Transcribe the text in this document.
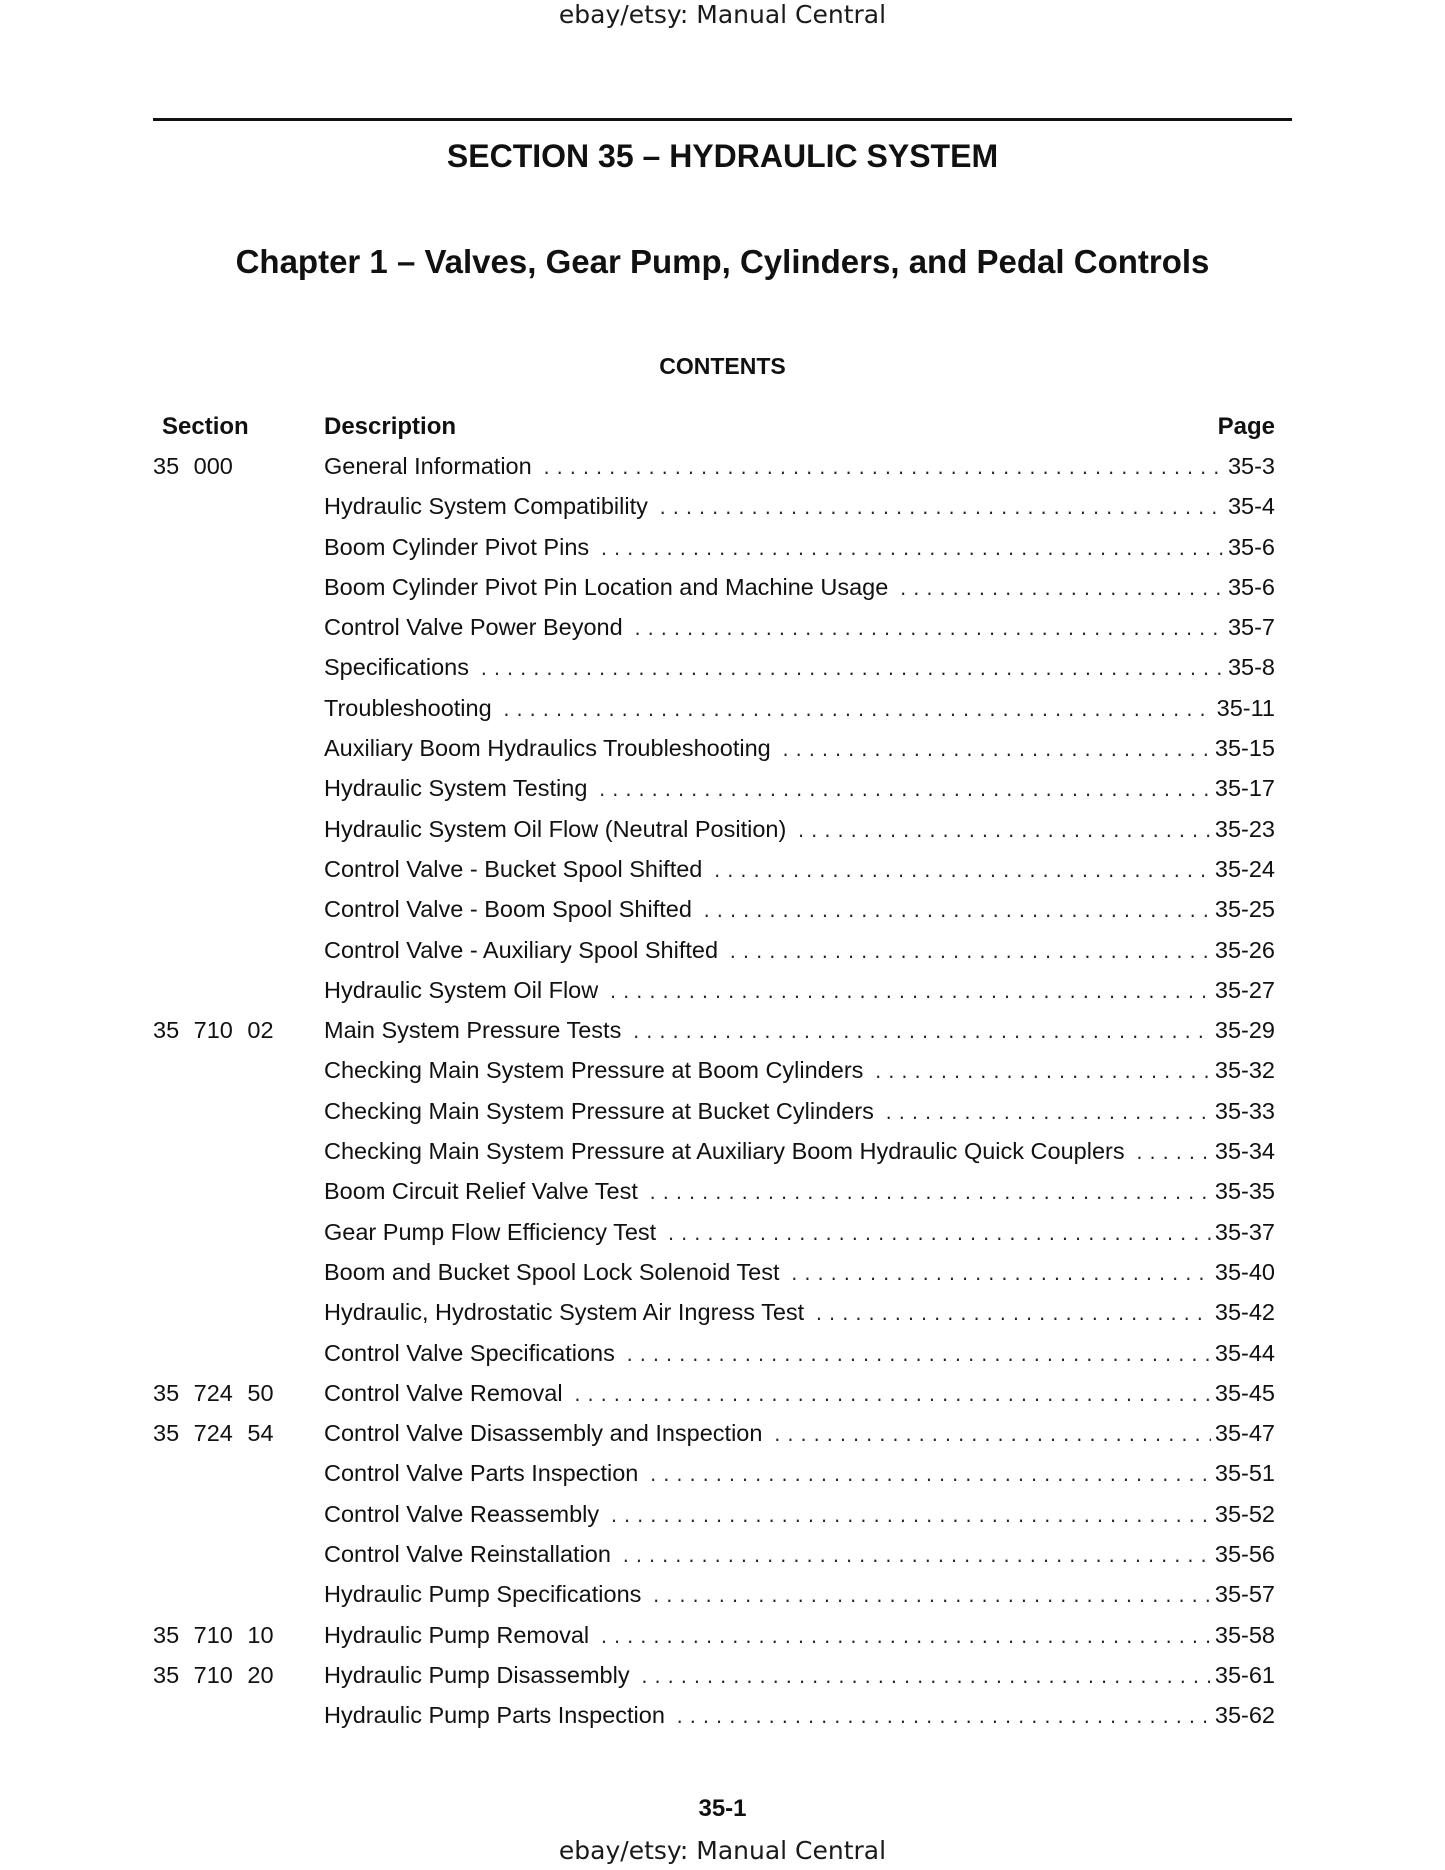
ebay/etsy: Manual Central
SECTION 35 – HYDRAULIC SYSTEM
Chapter 1 – Valves, Gear Pump, Cylinders, and Pedal Controls
CONTENTS
Section	Description	Page
35 000	General Information .....	35-3
Hydraulic System Compatibility .....	35-4
Boom Cylinder Pivot Pins .....	35-6
Boom Cylinder Pivot Pin Location and Machine Usage .....	35-6
Control Valve Power Beyond .....	35-7
Specifications .....	35-8
Troubleshooting .....	35-11
Auxiliary Boom Hydraulics Troubleshooting .....	35-15
Hydraulic System Testing .....	35-17
Hydraulic System Oil Flow (Neutral Position) .....	35-23
Control Valve - Bucket Spool Shifted .....	35-24
Control Valve - Boom Spool Shifted .....	35-25
Control Valve - Auxiliary Spool Shifted .....	35-26
Hydraulic System Oil Flow .....	35-27
35 710 02 Main System Pressure Tests .....	35-29
Checking Main System Pressure at Boom Cylinders .....	35-32
Checking Main System Pressure at Bucket Cylinders .....	35-33
Checking Main System Pressure at Auxiliary Boom Hydraulic Quick Couplers .....	35-34
Boom Circuit Relief Valve Test .....	35-35
Gear Pump Flow Efficiency Test .....	35-37
Boom and Bucket Spool Lock Solenoid Test .....	35-40
Hydraulic, Hydrostatic System Air Ingress Test .....	35-42
Control Valve Specifications .....	35-44
35 724 50 Control Valve Removal .....	35-45
35 724 54 Control Valve Disassembly and Inspection .....	35-47
Control Valve Parts Inspection .....	35-51
Control Valve Reassembly .....	35-52
Control Valve Reinstallation .....	35-56
Hydraulic Pump Specifications .....	35-57
35 710 10 Hydraulic Pump Removal .....	35-58
35 710 20 Hydraulic Pump Disassembly .....	35-61
Hydraulic Pump Parts Inspection .....	35-62
35-1
ebay/etsy: Manual Central
